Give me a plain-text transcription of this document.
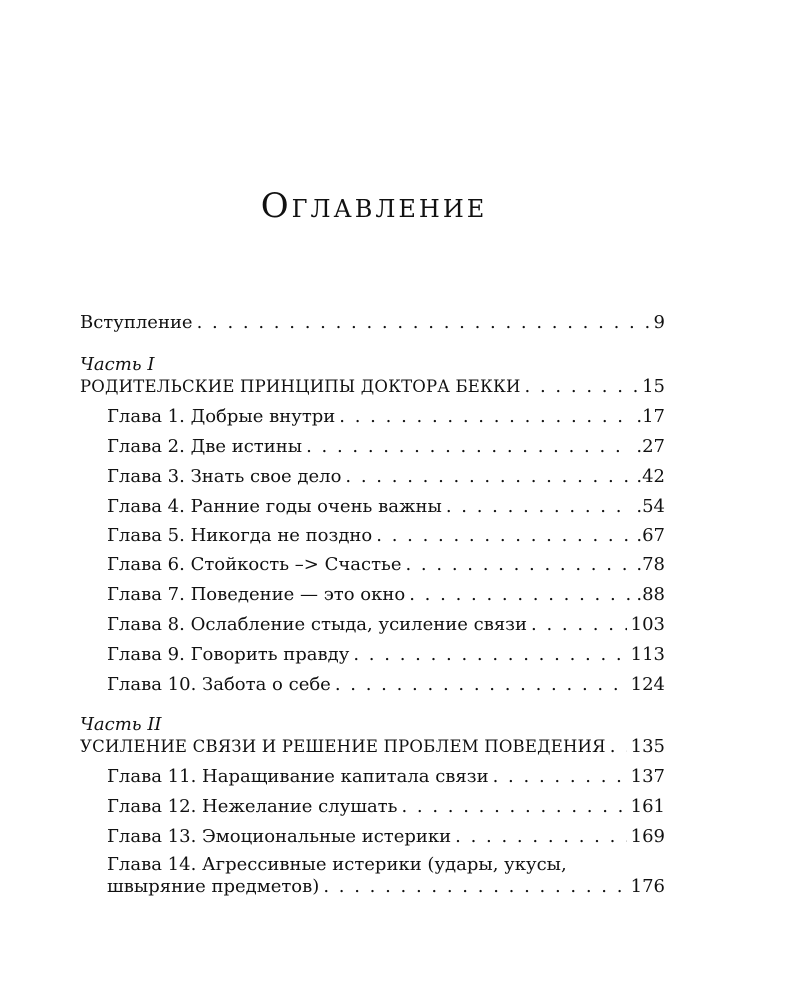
Оглавление
Вступление . . .	9
Часть I
РОДИТЕЛЬСКИЕ ПРИНЦИПЫ ДОКТОРА БЕККИ . . .	15
Глава 1. Добрые внутри . . .	.17
Глава 2. Две истины . . .	.27
Глава 3. Знать свое дело . . .	.42
Глава 4. Ранние годы очень важны . . .	.54
Глава 5. Никогда не поздно . . .	.67
Глава 6. Стойкость –> Счастье . . .	.78
Глава 7. Поведение — это окно . . .	.88
Глава 8. Ослабление стыда, усиление связи . . .	103
Глава 9. Говорить правду . . .	113
Глава 10. Забота о себе . . .	124
Часть II
УСИЛЕНИЕ СВЯЗИ И РЕШЕНИЕ ПРОБЛЕМ ПОВЕДЕНИЯ . . . 135
Глава 11. Наращивание капитала связи . . .	137
Глава 12. Нежелание слушать . . .	161
Глава 13. Эмоциональные истерики . . .	169
Глава 14. Агрессивные истерики (удары, укусы,
швыряние предметов) . . .	176
